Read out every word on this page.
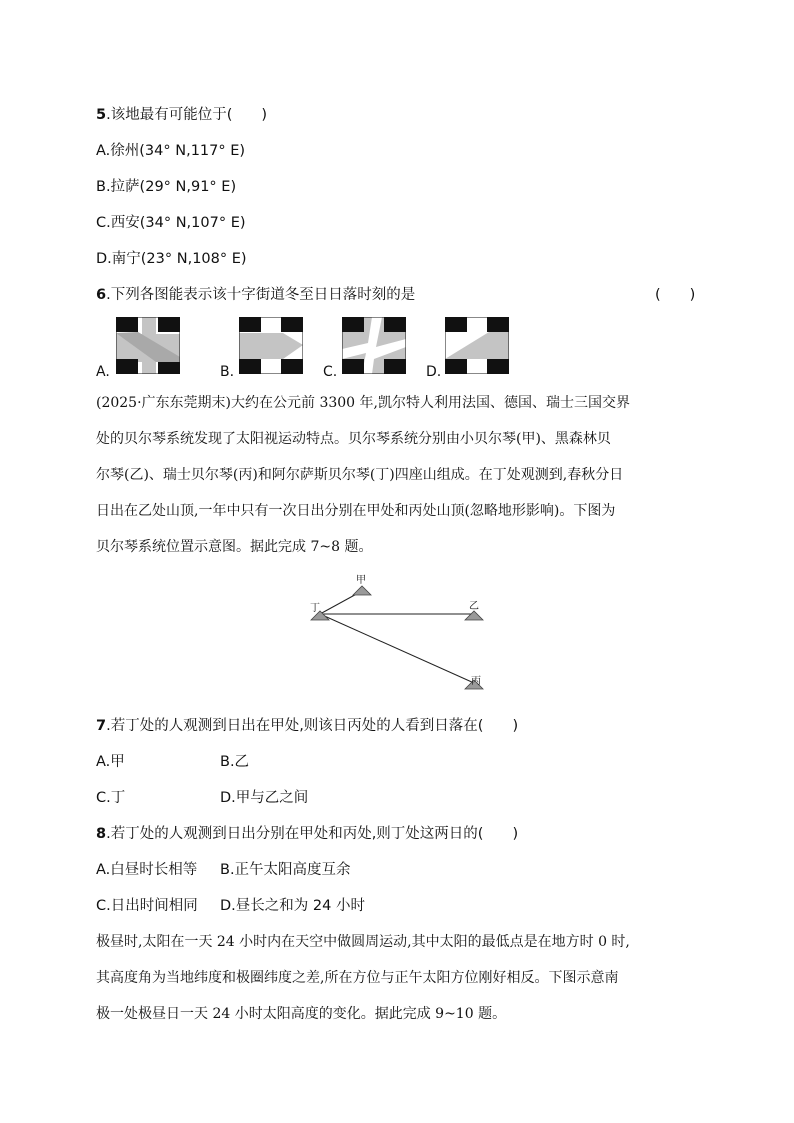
5.该地最有可能位于(　　)
A.徐州(34° N,117° E)
B.拉萨(29° N,91° E)
C.西安(34° N,107° E)
D.南宁(23° N,108° E)
6.下列各图能表示该十字街道冬至日日落时刻的是	(　　)
A.	B.	C.	D.
(2025·广东东莞期末)大约在公元前 3300 年,凯尔特人利用法国、德国、瑞士三国交界
处的贝尔琴系统发现了太阳视运动特点。贝尔琴系统分别由小贝尔琴(甲)、黑森林贝
尔琴(乙)、瑞士贝尔琴(丙)和阿尔萨斯贝尔琴(丁)四座山组成。在丁处观测到,春秋分日
日出在乙处山顶,一年中只有一次日出分别在甲处和丙处山顶(忽略地形影响)。下图为
贝尔琴系统位置示意图。据此完成 7~8 题。
甲
丁	乙
丙
7.若丁处的人观测到日出在甲处,则该日丙处的人看到日落在(　　)
A.甲	B.乙
C.丁	D.甲与乙之间
8.若丁处的人观测到日出分别在甲处和丙处,则丁处这两日的(　　)
A.白昼时长相等 B.正午太阳高度互余
C.日出时间相同 D.昼长之和为 24 小时
极昼时,太阳在一天 24 小时内在天空中做圆周运动,其中太阳的最低点是在地方时 0 时,
其高度角为当地纬度和极圈纬度之差,所在方位与正午太阳方位刚好相反。下图示意南
极一处极昼日一天 24 小时太阳高度的变化。据此完成 9~10 题。
